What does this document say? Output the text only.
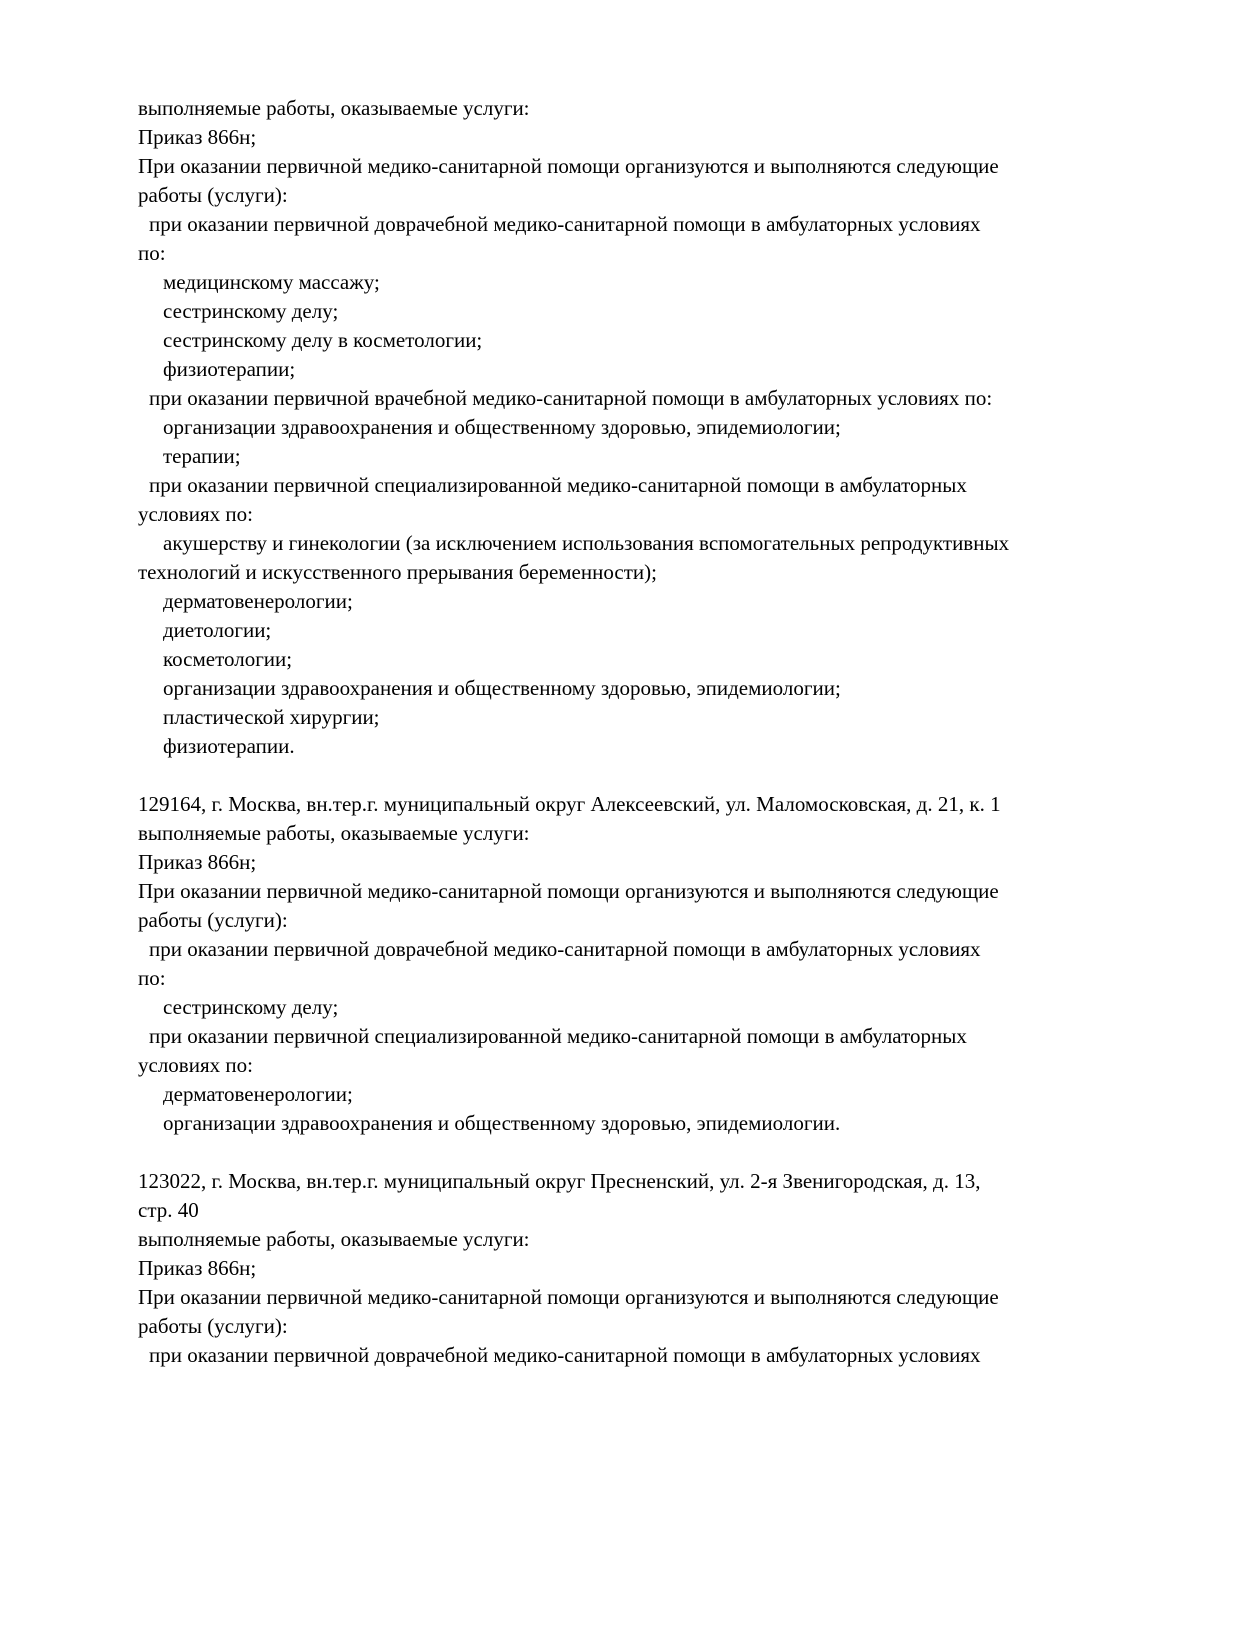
выполняемые работы, оказываемые услуги:
Приказ 866н;
При оказании первичной медико-санитарной помощи организуются и выполняются следующие
работы (услуги):
при оказании первичной доврачебной медико-санитарной помощи в амбулаторных условиях
по:
медицинскому массажу;
сестринскому делу;
сестринскому делу в косметологии;
физиотерапии;
при оказании первичной врачебной медико-санитарной помощи в амбулаторных условиях по:
организации здравоохранения и общественному здоровью, эпидемиологии;
терапии;
при оказании первичной специализированной медико-санитарной помощи в амбулаторных
условиях по:
акушерству и гинекологии (за исключением использования вспомогательных репродуктивных
технологий и искусственного прерывания беременности);
дерматовенерологии;
диетологии;
косметологии;
организации здравоохранения и общественному здоровью, эпидемиологии;
пластической хирургии;
физиотерапии.
129164, г. Москва, вн.тер.г. муниципальный округ Алексеевский, ул. Маломосковская, д. 21, к. 1
выполняемые работы, оказываемые услуги:
Приказ 866н;
При оказании первичной медико-санитарной помощи организуются и выполняются следующие
работы (услуги):
при оказании первичной доврачебной медико-санитарной помощи в амбулаторных условиях
по:
сестринскому делу;
при оказании первичной специализированной медико-санитарной помощи в амбулаторных
условиях по:
дерматовенерологии;
организации здравоохранения и общественному здоровью, эпидемиологии.
123022, г. Москва, вн.тер.г. муниципальный округ Пресненский, ул. 2-я Звенигородская, д. 13,
стр. 40
выполняемые работы, оказываемые услуги:
Приказ 866н;
При оказании первичной медико-санитарной помощи организуются и выполняются следующие
работы (услуги):
при оказании первичной доврачебной медико-санитарной помощи в амбулаторных условиях
